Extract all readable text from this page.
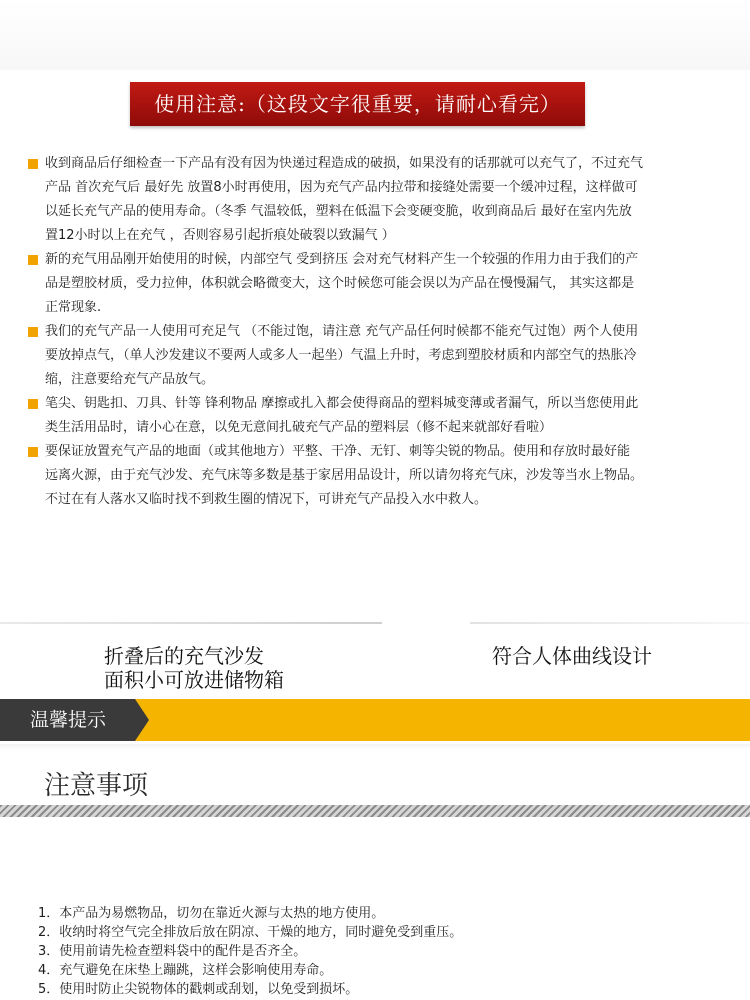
使用注意:（这段文字很重要，请耐心看完）
收到商品后仔细检查一下产品有没有因为快递过程造成的破损，如果没有的话那就可以充气了，不过充气
产品 首次充气后 最好先 放置8小时再使用，因为充气产品内拉带和接缝处需要一个缓冲过程，这样做可
以延长充气产品的使用寿命。（冬季 气温较低，塑料在低温下会变硬变脆，收到商品后 最好在室内先放
置12小时以上在充气 ，否则容易引起折痕处破裂以致漏气 ）
新的充气用品刚开始使用的时候，内部空气 受到挤压 会对充气材料产生一个较强的作用力由于我们的产
品是塑胶材质，受力拉伸，体积就会略微变大，这个时候您可能会误以为产品在慢慢漏气， 其实这都是
正常现象.
我们的充气产品一人使用可充足气 （不能过饱，请注意 充气产品任何时候都不能充气过饱）两个人使用
要放掉点气，（单人沙发建议不要两人或多人一起坐）气温上升时，考虑到塑胶材质和内部空气的热胀冷
缩，注意要给充气产品放气。
笔尖、钥匙扣、刀具、针等 锋利物品 摩擦或扎入都会使得商品的塑料城变薄或者漏气，所以当您使用此
类生活用品时，请小心在意，以免无意间扎破充气产品的塑料层（修不起来就部好看啦）
要保证放置充气产品的地面（或其他地方）平整、干净、无钉、刺等尖锐的物品。使用和存放时最好能
远离火源，由于充气沙发、充气床等多数是基于家居用品设计，所以请勿将充气床，沙发等当水上物品。
不过在有人落水又临时找不到救生圈的情况下，可讲充气产品投入水中救人。
折叠后的充气沙发
面积小可放进储物箱
符合人体曲线设计
温馨提示
注意事项
1．本产品为易燃物品，切勿在靠近火源与太热的地方使用。
2．收纳时将空气完全排放后放在阴凉、干燥的地方，同时避免受到重压。
3．使用前请先检查塑料袋中的配件是否齐全。
4．充气避免在床垫上蹦跳，这样会影响使用寿命。
5．使用时防止尖锐物体的戳刺或刮划，以免受到损坏。
